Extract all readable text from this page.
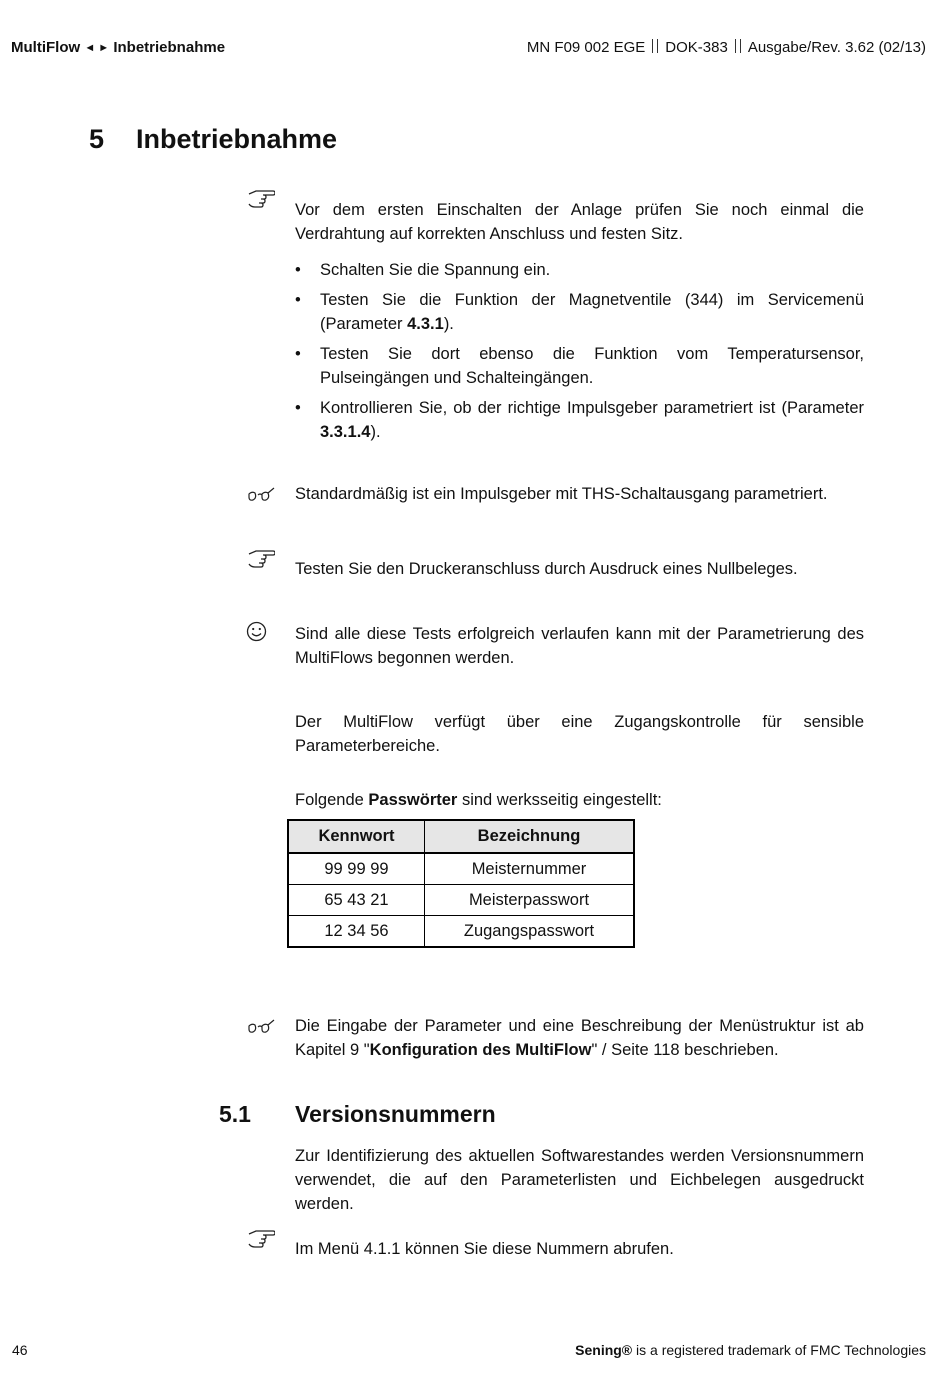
MultiFlow ◄ ► Inbetriebnahme	MN F09 002 EGE DOK-383 Ausgabe/Rev. 3.62 (02/13)
5 Inbetriebnahme
Vor dem ersten Einschalten der Anlage prüfen Sie noch einmal die Verdrahtung auf korrekten Anschluss und festen Sitz.
• Schalten Sie die Spannung ein.
• Testen Sie die Funktion der Magnetventile (344) im Servicemenü (Parameter 4.3.1).
• Testen Sie dort ebenso die Funktion vom Temperatursensor, Pulseingängen und Schalteingängen.
• Kontrollieren Sie, ob der richtige Impulsgeber parametriert ist (Parameter 3.3.1.4).
Standardmäßig ist ein Impulsgeber mit THS-Schaltausgang parametriert.
Testen Sie den Druckeranschluss durch Ausdruck eines Nullbeleges.
Sind alle diese Tests erfolgreich verlaufen kann mit der Parametrierung des MultiFlows begonnen werden.
Der MultiFlow verfügt über eine Zugangskontrolle für sensible Parameterbereiche.
Folgende Passwörter sind werksseitig eingestellt:
Kennwort	Bezeichnung
99 99 99	Meisternummer
65 43 21	Meisterpasswort
12 34 56	Zugangspasswort
Die Eingabe der Parameter und eine Beschreibung der Menüstruktur ist ab Kapitel 9 "Konfiguration des MultiFlow" / Seite 118 beschrieben.
5.1 Versionsnummern
Zur Identifizierung des aktuellen Softwarestandes werden Versionsnummern verwendet, die auf den Parameterlisten und Eichbelegen ausgedruckt werden.
Im Menü 4.1.1 können Sie diese Nummern abrufen.
46	Sening® is a registered trademark of FMC Technologies
